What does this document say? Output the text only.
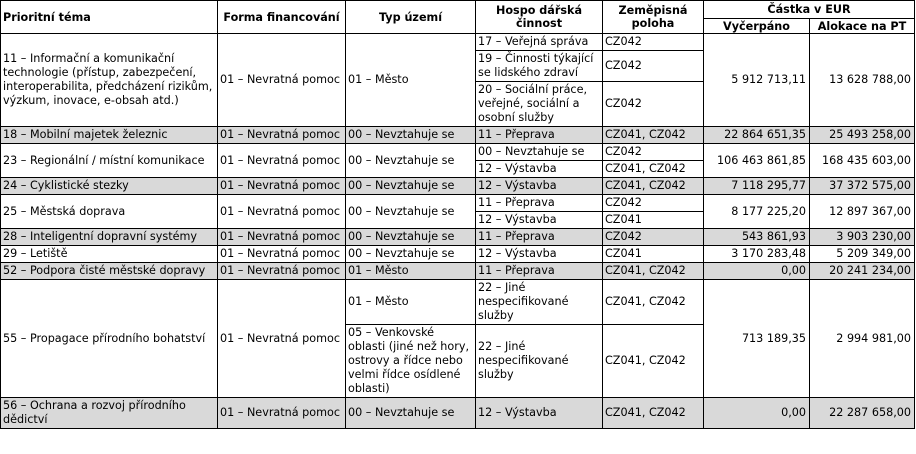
Prioritní téma	Forma financování	Typ území	Hospo dářská činnost	Zeměpisná poloha	Částka v EUR	
					Vyčerpáno	Alokace na PT
11 – Informační a komunikační technologie (přístup, zabezpečení, interoperabilita, předcházení rizikům, výzkum, inovace, e-obsah atd.)	01 – Nevratná pomoc	01 – Město	17 – Veřejná správa	CZ042	5 912 713,11	13 628 788,00
			19 – Činnosti týkající se lidského zdraví	CZ042		
			20 – Sociální práce, veřejné, sociální a osobní služby	CZ042		
18 – Mobilní majetek železnic	01 – Nevratná pomoc	00 – Nevztahuje se	11 – Přeprava	CZ041, CZ042	22 864 651,35	25 493 258,00
23 – Regionální / místní komunikace	01 – Nevratná pomoc	00 – Nevztahuje se	00 – Nevztahuje se	CZ042	106 463 861,85	168 435 603,00
			12 – Výstavba	CZ041, CZ042		
24 – Cyklistické stezky	01 – Nevratná pomoc	00 – Nevztahuje se	12 – Výstavba	CZ041, CZ042	7 118 295,77	37 372 575,00
25 – Městská doprava	01 – Nevratná pomoc	00 – Nevztahuje se	11 – Přeprava	CZ042	8 177 225,20	12 897 367,00
			12 – Výstavba	CZ041		
28 – Inteligentní dopravní systémy	01 – Nevratná pomoc	00 – Nevztahuje se	11 – Přeprava	CZ042	543 861,93	3 903 230,00
29 – Letiště	01 – Nevratná pomoc	00 – Nevztahuje se	12 – Výstavba	CZ041	3 170 283,48	5 209 349,00
52 – Podpora čisté městské dopravy	01 – Nevratná pomoc	01 – Město	11 – Přeprava	CZ041, CZ042	0,00	20 241 234,00
55 – Propagace přírodního bohatství	01 – Nevratná pomoc	01 – Město	22 – Jiné nespecifikované služby	CZ041, CZ042	713 189,35	2 994 981,00
		05 – Venkovské oblasti (jiné než hory, ostrovy a řídce nebo velmi řídce osídlené oblasti)	22 – Jiné nespecifikované služby	CZ041, CZ042		
56 – Ochrana a rozvoj přírodního dědictví	01 – Nevratná pomoc	00 – Nevztahuje se	12 – Výstavba	CZ041, CZ042	0,00	22 287 658,00
